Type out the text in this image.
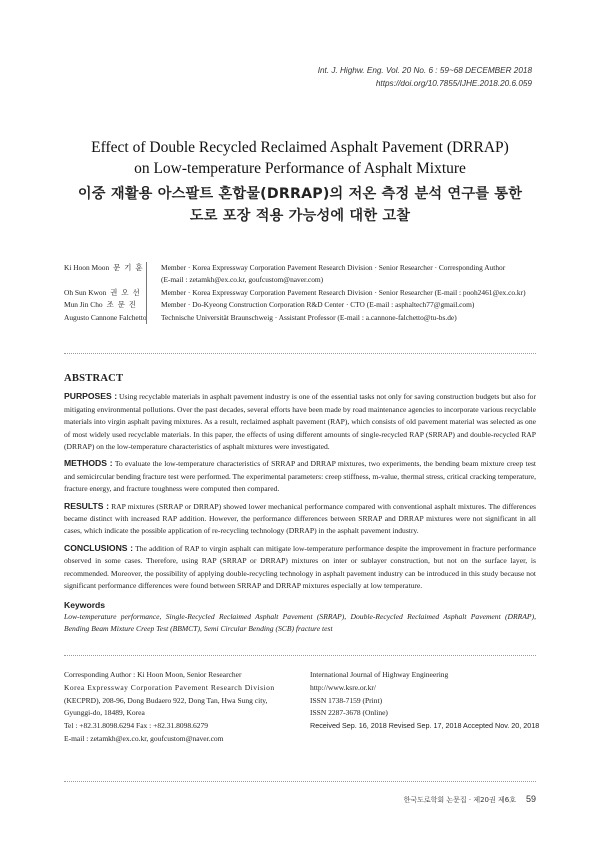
Int. J. Highw. Eng. Vol. 20 No. 6 : 59~68 DECEMBER 2018
https://doi.org/10.7855/IJHE.2018.20.6.059
Effect of Double Recycled Reclaimed Asphalt Pavement (DRRAP)
on Low-temperature Performance of Asphalt Mixture
이중 재활용 아스팔트 혼합물(DRRAP)의 저온 측정 분석 연구를 통한
도로 포장 적용 가능성에 대한 고찰
Ki Hoon Moon 문 기 훈	Member · Korea Expressway Corporation Pavement Research Division · Senior Researcher · Corresponding Author
(E-mail : zetamkh@ex.co.kr, goufcustom@naver.com)
Oh Sun Kwon 권 오 선	Member · Korea Expressway Corporation Pavement Research Division · Senior Researcher (E-mail : pooh2461@ex.co.kr)
Mun Jin Cho 조 문 진	Member · Do-Kyeong Construction Corporation R&D Center · CTO (E-mail : asphaltech77@gmail.com)
Augusto Cannone Falchetto Technische Universität Braunschweig · Assistant Professor (E-mail : a.cannone-falchetto@tu-bs.de)
ABSTRACT

PURPOSES : Using recyclable materials in asphalt pavement industry is one of the essential tasks not only for saving construction budgets but also for mitigating environmental pollutions. Over the past decades, several efforts have been made by road maintenance agencies to incorporate various recyclable materials into virgin asphalt paving mixtures. As a result, reclaimed asphalt pavement (RAP), which consists of old pavement material was selected as one of most widely used recyclable materials. In this paper, the effects of using different amounts of single-recycled RAP (SRRAP) and double-recycled RAP (DRRAP) on the low-temperature characteristics of asphalt mixtures were investigated.

METHODS : To evaluate the low-temperature characteristics of SRRAP and DRRAP mixtures, two experiments, the bending beam mixture creep test and semicircular bending fracture test were performed. The experimental parameters: creep stiffness, m-value, thermal stress, critical cracking temperature, fracture energy, and fracture toughness were computed then compared.

RESULTS : RAP mixtures (SRRAP or DRRAP) showed lower mechanical performance compared with conventional asphalt mixtures. The differences became distinct with increased RAP addition. However, the performance differences between SRRAP and DRRAP mixtures were not significant in all cases, which indicate the possible application of re-recycling technology (DRRAP) in the asphalt pavement industry.

CONCLUSIONS : The addition of RAP to virgin asphalt can mitigate low-temperature performance despite the improvement in fracture performance observed in some cases. Therefore, using RAP (SRRAP or DRRAP) mixtures on inter or sublayer construction, but not on the surface layer, is recommended. Moreover, the possibility of applying double-recycling technology in asphalt pavement industry can be introduced in this study because not significant performance differences were found between SRRAP and DRRAP mixtures especially at low temperature.

Keywords
Low-temperature performance, Single-Recycled Reclaimed Asphalt Pavement (SRRAP), Double-Recycled Reclaimed Asphalt Pavement (DRRAP), Bending Beam Mixture Creep Test (BBMCT), Semi Circular Bending (SCB) fracture test
Corresponding Author : Ki Hoon Moon, Senior Researcher
Korea Expressway Corporation Pavement Research Division
(KECPRD), 208-96, Dong Budaero 922, Dong Tan, Hwa Sung city,
Gyunggi-do, 18489, Korea
Tel : +82.31.8098.6294 Fax : +82.31.8098.6279
E-mail : zetamkh@ex.co.kr, goufcustom@naver.com
International Journal of Highway Engineering
http://www.ksre.or.kr/
ISSN 1738-7159 (Print)
ISSN 2287-3678 (Online)
Received Sep. 16, 2018 Revised Sep. 17, 2018 Accepted Nov. 20, 2018
한국도로학회 논문집 · 제20권 제6호 59
